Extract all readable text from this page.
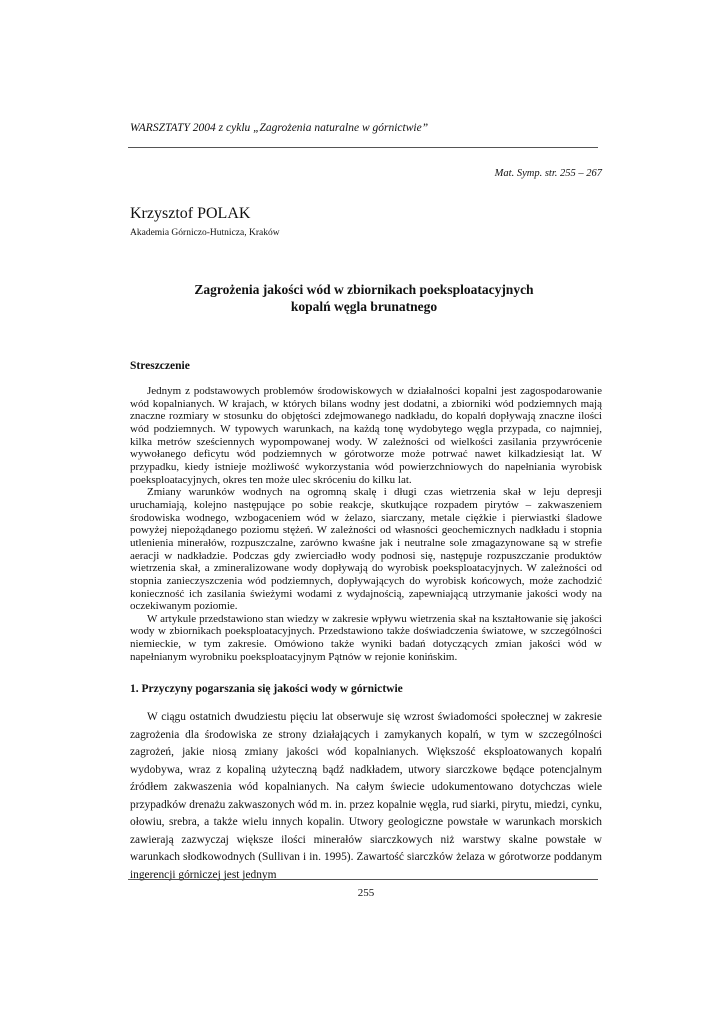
WARSZTATY 2004 z cyklu „Zagrożenia naturalne w górnictwie”
Mat. Symp. str. 255 – 267
Krzysztof POLAK
Akademia Górniczo-Hutnicza, Kraków
Zagrożenia jakości wód w zbiornikach poeksploatacyjnych
kopalń węgla brunatnego
Streszczenie

Jednym z podstawowych problemów środowiskowych w działalności kopalni jest zagospodarowanie wód kopalnianych. W krajach, w których bilans wodny jest dodatni, a zbiorniki wód podziemnych mają znaczne rozmiary w stosunku do objętości zdejmowanego nadkładu, do kopalń dopływają znaczne ilości wód podziemnych. W typowych warunkach, na każdą tonę wydobytego węgla przypada, co najmniej, kilka metrów sześciennych wypompowanej wody. W zależności od wielkości zasilania przywrócenie wywołanego deficytu wód podziemnych w górotworze może potrwać nawet kilkadziesiąt lat. W przypadku, kiedy istnieje możliwość wykorzystania wód powierzchniowych do napełniania wyrobisk poeksploatacyjnych, okres ten może ulec skróceniu do kilku lat.

Zmiany warunków wodnych na ogromną skalę i długi czas wietrzenia skał w leju depresji uruchamiają, kolejno następujące po sobie reakcje, skutkujące rozpadem pirytów – zakwaszeniem środowiska wodnego, wzbogaceniem wód w żelazo, siarczany, metale ciężkie i pierwiastki śladowe powyżej niepożądanego poziomu stężeń. W zależności od własności geochemicznych nadkładu i stopnia utlenienia minerałów, rozpuszczalne, zarówno kwaśne jak i neutralne sole zmagazynowane są w strefie aeracji w nadkładzie. Podczas gdy zwierciadło wody podnosi się, następuje rozpuszczanie produktów wietrzenia skał, a zmineralizowane wody dopływają do wyrobisk poeksploatacyjnych. W zależności od stopnia zanieczyszczenia wód podziemnych, dopływających do wyrobisk końcowych, może zachodzić konieczność ich zasilania świeżymi wodami z wydajnością, zapewniającą utrzymanie jakości wody na oczekiwanym poziomie.

W artykule przedstawiono stan wiedzy w zakresie wpływu wietrzenia skał na kształtowanie się jakości wody w zbiornikach poeksploatacyjnych. Przedstawiono także doświadczenia światowe, w szczególności niemieckie, w tym zakresie. Omówiono także wyniki badań dotyczących zmian jakości wód w napełnianym wyrobniku poeksploatacyjnym Pątnów w rejonie konińskim.

1. Przyczyny pogarszania się jakości wody w górnictwie

W ciągu ostatnich dwudziestu pięciu lat obserwuje się wzrost świadomości społecznej w zakresie zagrożenia dla środowiska ze strony działających i zamykanych kopalń, w tym w szczególności zagrożeń, jakie niosą zmiany jakości wód kopalnianych. Większość eksploatowanych kopalń wydobywa, wraz z kopaliną użyteczną bądź nadkładem, utwory siarczkowe będące potencjalnym źródłem zakwaszenia wód kopalnianych. Na całym świecie udokumentowano dotychczas wiele przypadków drenażu zakwaszonych wód m. in. przez kopalnie węgla, rud siarki, pirytu, miedzi, cynku, ołowiu, srebra, a także wielu innych kopalin. Utwory geologiczne powstałe w warunkach morskich zawierają zazwyczaj większe ilości minerałów siarczkowych niż warstwy skalne powstałe w warunkach słodkowodnych (Sullivan i in. 1995). Zawartość siarczków żelaza w górotworze poddanym ingerencji górniczej jest jednym

255
